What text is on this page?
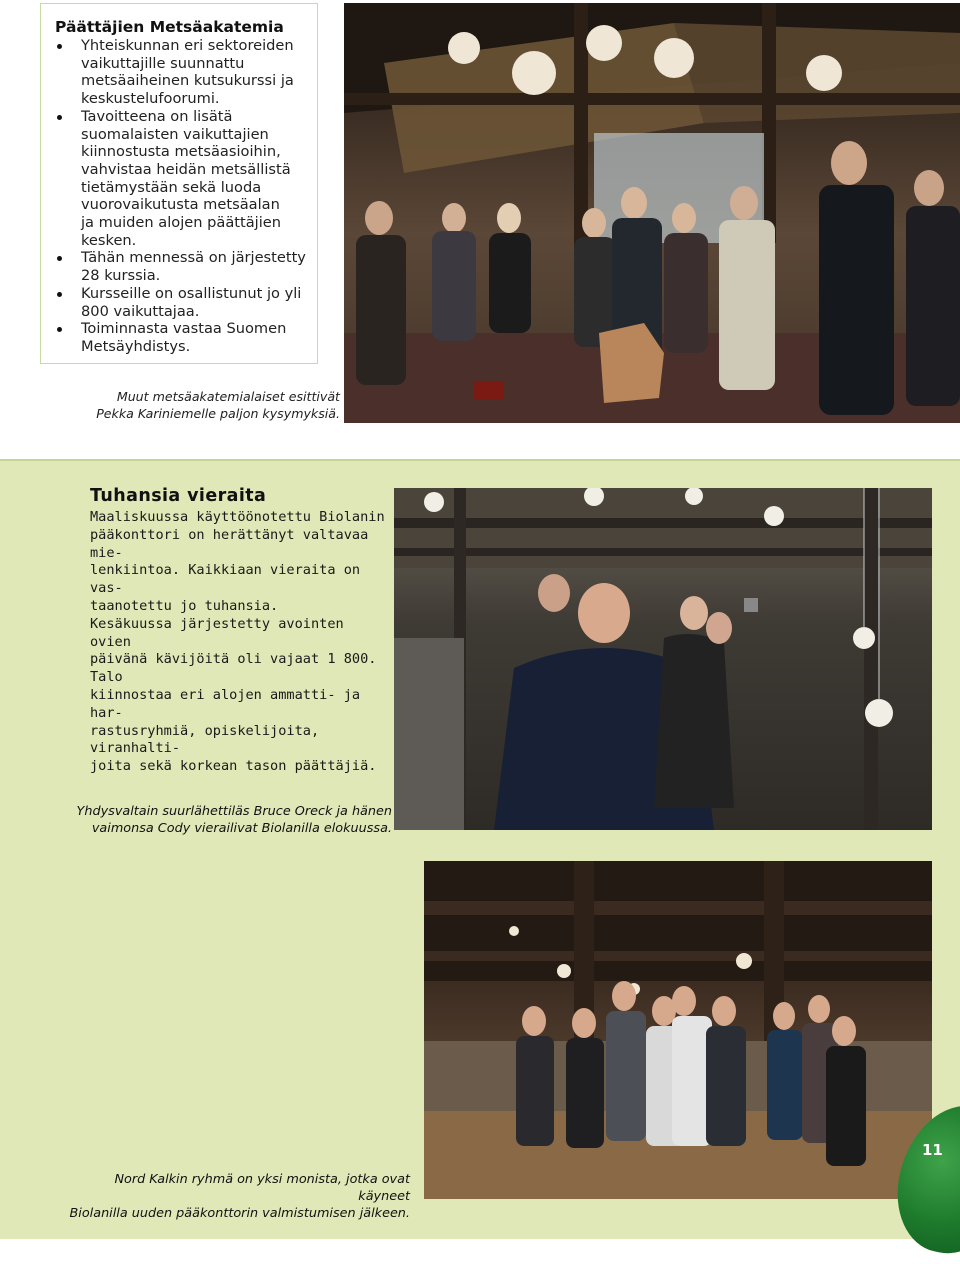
Päättäjien Metsäakatemia
Yhteiskunnan eri sektoreiden
vaikuttajille suunnattu
metsäaiheinen kutsukurssi ja
keskustelufoorumi.
Tavoitteena on lisätä
suomalaisten vaikuttajien
kiinnostusta metsäasioihin,
vahvistaa heidän metsällistä
tietämystään sekä luoda
vuorovaikutusta metsäalan
ja muiden alojen päättäjien
kesken.
Tähän mennessä on järjestetty
28 kurssia.
Kursseille on osallistunut jo yli
800 vaikuttajaa.
Toiminnasta vastaa Suomen
Metsäyhdistys.
Muut metsäakatemialaiset esittivät
Pekka Kariniemelle paljon kysymyksiä.
Tuhansia vieraita

Maaliskuussa käyttöönotettu Biolanin
pääkonttori on herättänyt valtavaa mie-
lenkiintoa. Kaikkiaan vieraita on vas-
taanotettu jo tuhansia.

Kesäkuussa järjestetty avointen ovien
päivänä kävijöitä oli vajaat 1 800. Talo
kiinnostaa eri alojen ammatti- ja har-
rastusryhmiä, opiskelijoita, viranhalti-
joita sekä korkean tason päättäjiä.

Yhdysvaltain suurlähettiläs Bruce Oreck ja hänen
vaimonsa Cody vierailivat Biolanilla elokuussa.
Nord Kalkin ryhmä on yksi monista, jotka ovat käyneet
Biolanilla uuden pääkonttorin valmistumisen jälkeen.
11
